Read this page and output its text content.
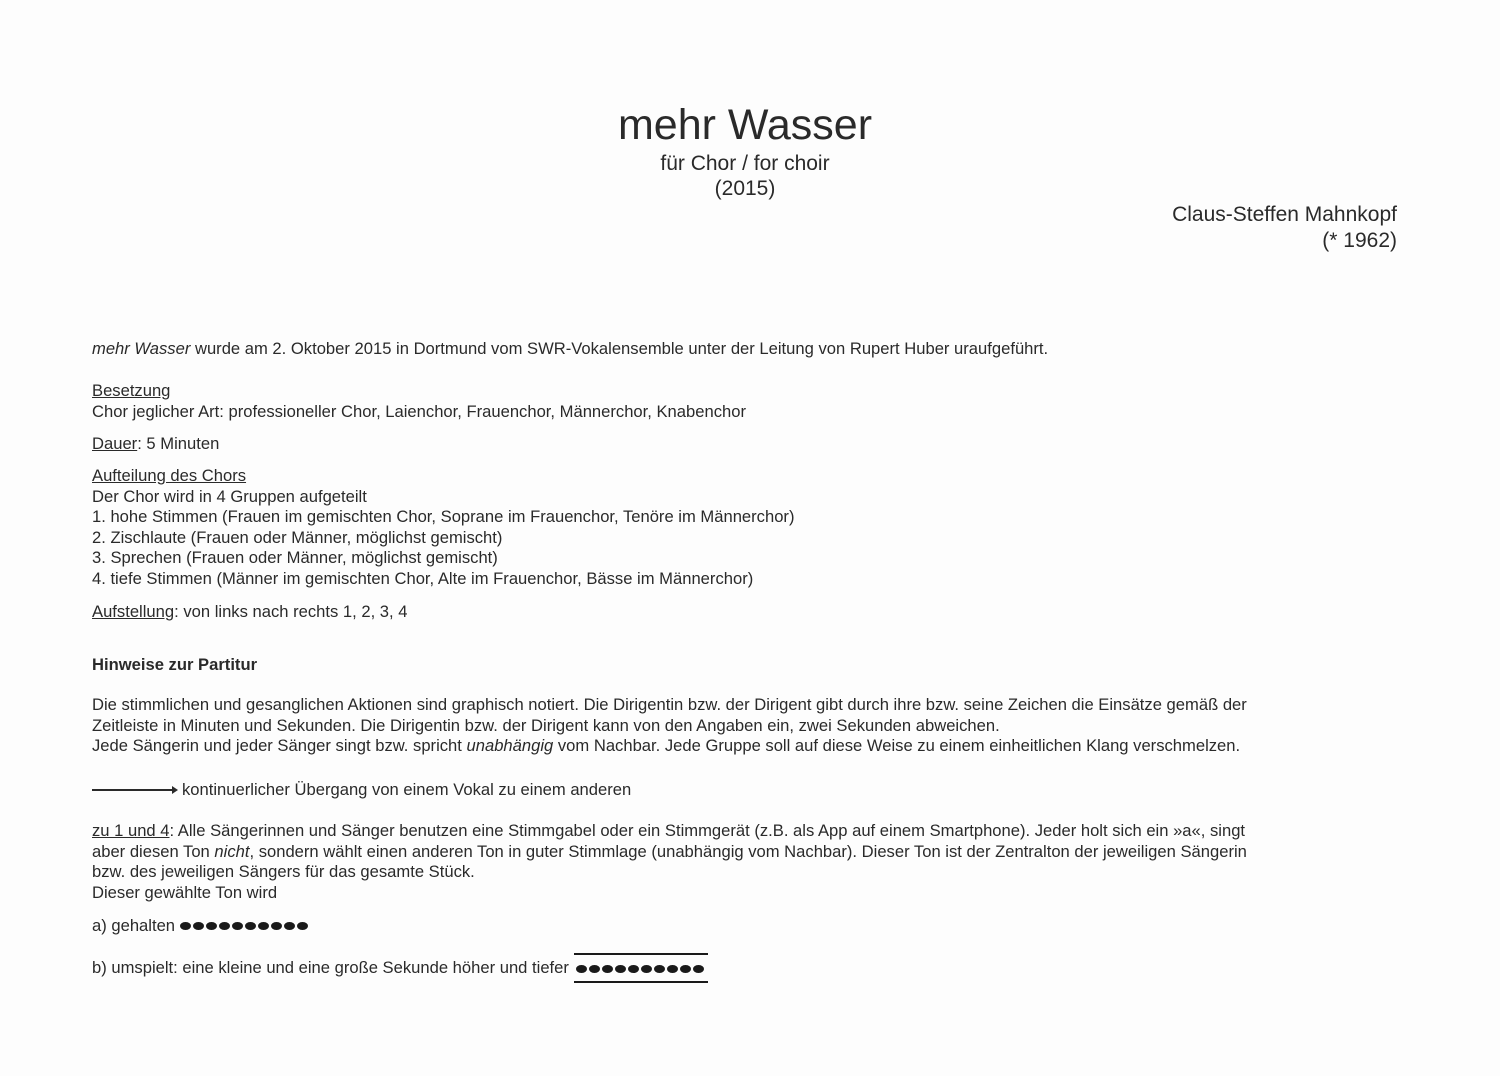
mehr Wasser
für Chor / for choir
(2015)
Claus-Steffen Mahnkopf
(* 1962)
mehr Wasser wurde am 2. Oktober 2015 in Dortmund vom SWR-Vokalensemble unter der Leitung von Rupert Huber uraufgeführt.
Besetzung
Chor jeglicher Art: professioneller Chor, Laienchor, Frauenchor, Männerchor, Knabenchor
Dauer: 5 Minuten
Aufteilung des Chors
Der Chor wird in 4 Gruppen aufgeteilt
1. hohe Stimmen (Frauen im gemischten Chor, Soprane im Frauenchor, Tenöre im Männerchor)
2. Zischlaute (Frauen oder Männer, möglichst gemischt)
3. Sprechen (Frauen oder Männer, möglichst gemischt)
4. tiefe Stimmen (Männer im gemischten Chor, Alte im Frauenchor, Bässe im Männerchor)
Aufstellung: von links nach rechts 1, 2, 3, 4
Hinweise zur Partitur
Die stimmlichen und gesanglichen Aktionen sind graphisch notiert. Die Dirigentin bzw. der Dirigent gibt durch ihre bzw. seine Zeichen die Einsätze gemäß der
Zeitleiste in Minuten und Sekunden. Die Dirigentin bzw. der Dirigent kann von den Angaben ein, zwei Sekunden abweichen.
Jede Sängerin und jeder Sänger singt bzw. spricht unabhängig vom Nachbar. Jede Gruppe soll auf diese Weise zu einem einheitlichen Klang verschmelzen.
kontinuerlicher Übergang von einem Vokal zu einem anderen
zu 1 und 4: Alle Sängerinnen und Sänger benutzen eine Stimmgabel oder ein Stimmgerät (z.B. als App auf einem Smartphone). Jeder holt sich ein »a«, singt
aber diesen Ton nicht, sondern wählt einen anderen Ton in guter Stimmlage (unabhängig vom Nachbar). Dieser Ton ist der Zentralton der jeweiligen Sängerin
bzw. des jeweiligen Sängers für das gesamte Stück.
Dieser gewählte Ton wird
a) gehalten
b) umspielt: eine kleine und eine große Sekunde höher und tiefer
